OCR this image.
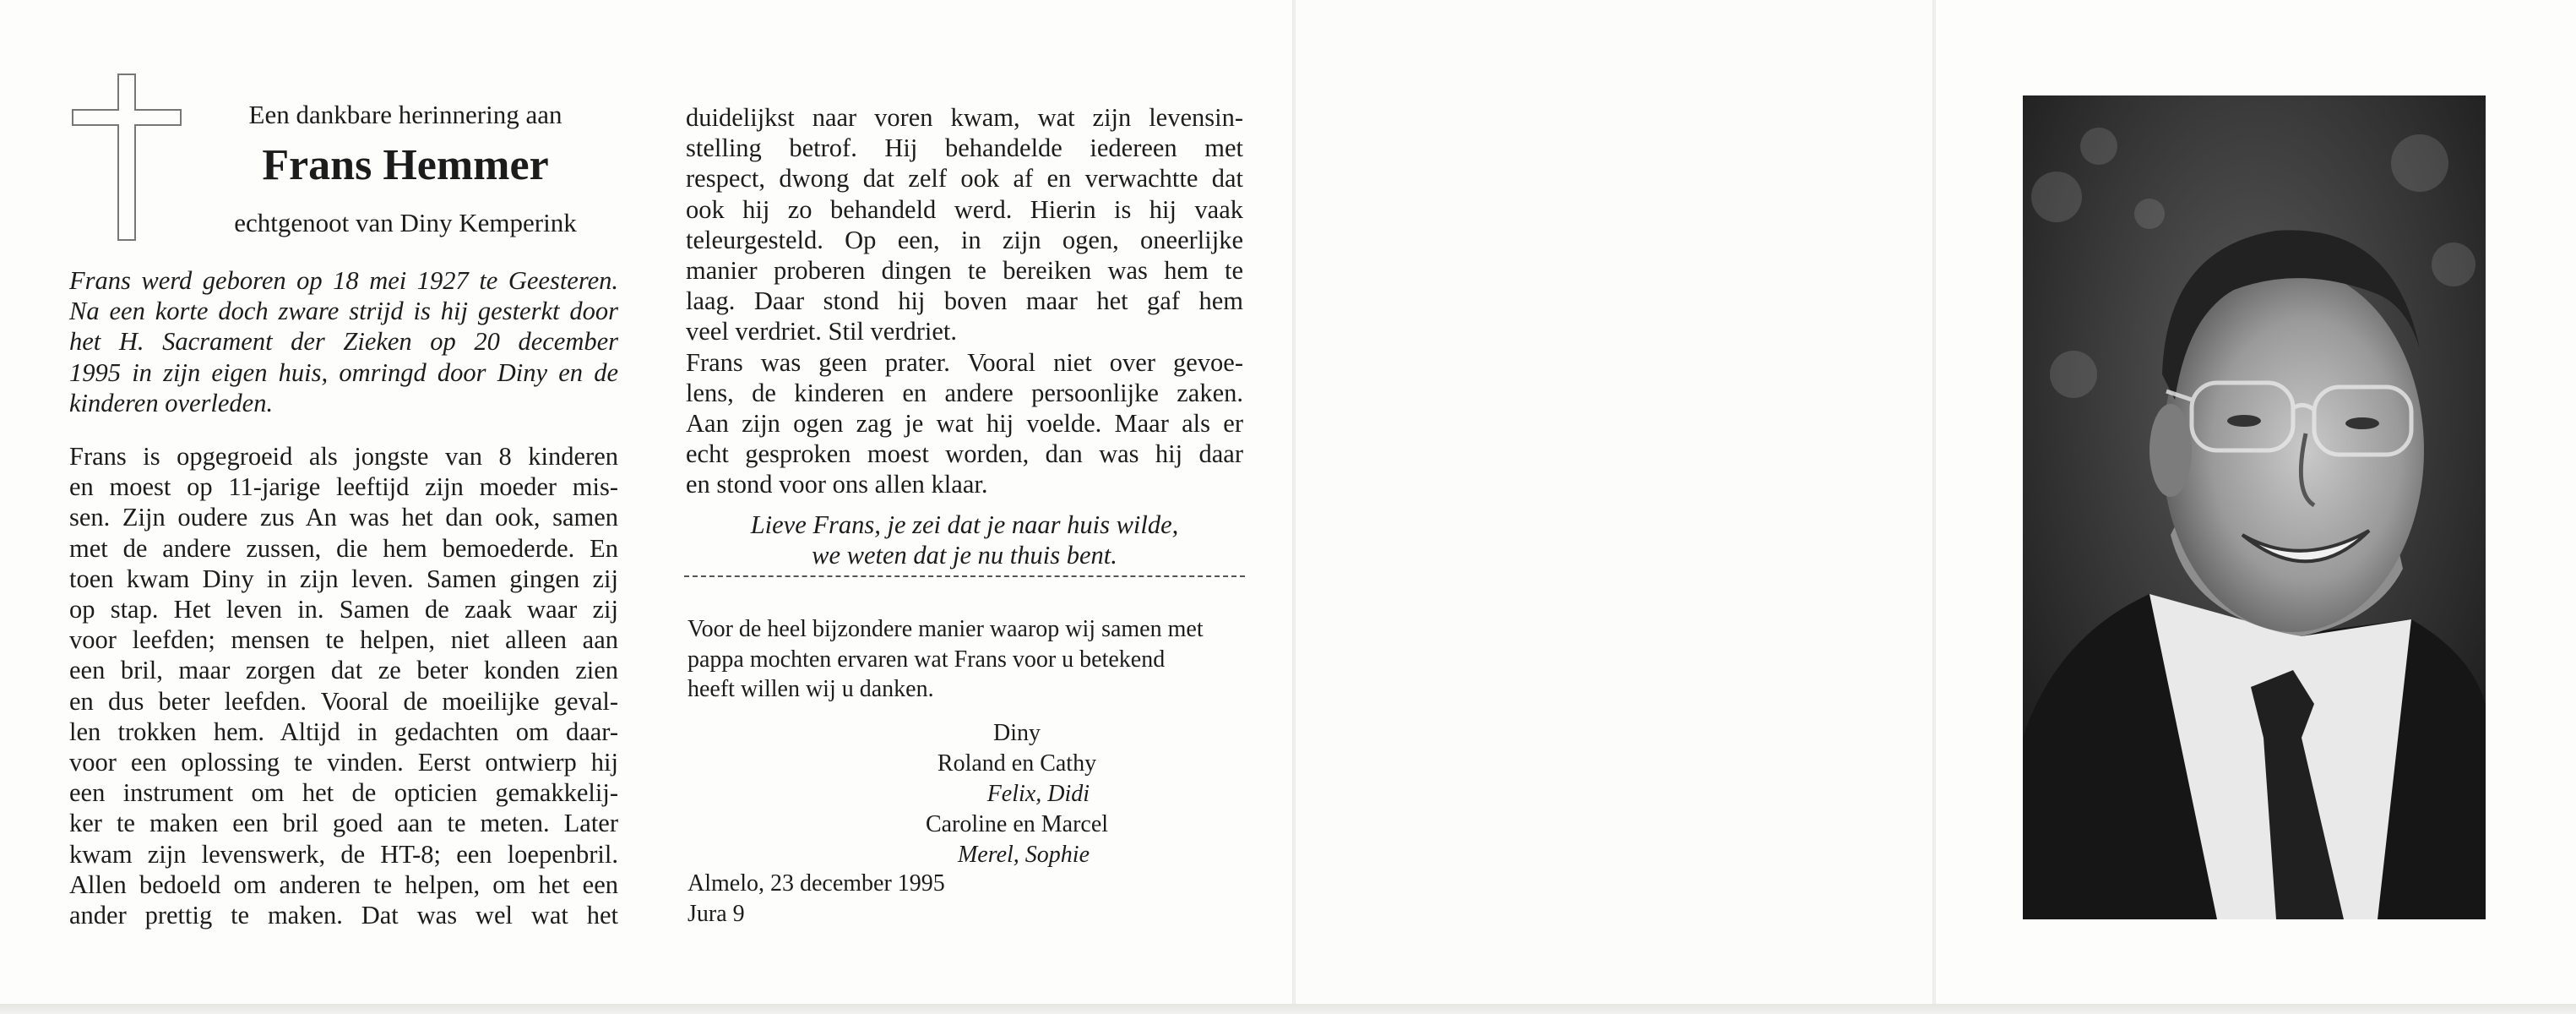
Een dankbare herinnering aan
Frans Hemmer
echtgenoot van Diny Kemperink

Frans werd geboren op 18 mei 1927 te Geesteren.

Na een korte doch zware strijd is hij gesterkt door

het H. Sacrament der Zieken op 20 december

1995 in zijn eigen huis, omringd door Diny en de

kinderen overleden.

Frans is opgegroeid als jongste van 8 kinderen

en moest op 11-jarige leeftijd zijn moeder mis-

sen. Zijn oudere zus An was het dan ook, samen

met de andere zussen, die hem bemoederde. En

toen kwam Diny in zijn leven. Samen gingen zij

op stap. Het leven in. Samen de zaak waar zij

voor leefden; mensen te helpen, niet alleen aan

een bril, maar zorgen dat ze beter konden zien

en dus beter leefden. Vooral de moeilijke geval-

len trokken hem. Altijd in gedachten om daar-

voor een oplossing te vinden. Eerst ontwierp hij

een instrument om het de opticien gemakkelij-

ker te maken een bril goed aan te meten. Later

kwam zijn levenswerk, de HT-8; een loepenbril.

Allen bedoeld om anderen te helpen, om het een

ander prettig te maken. Dat was wel wat het

duidelijkst naar voren kwam, wat zijn levensin-

stelling betrof. Hij behandelde iedereen met

respect, dwong dat zelf ook af en verwachtte dat

ook hij zo behandeld werd. Hierin is hij vaak

teleurgesteld. Op een, in zijn ogen, oneerlijke

manier proberen dingen te bereiken was hem te

laag. Daar stond hij boven maar het gaf hem

veel verdriet. Stil verdriet.

Frans was geen prater. Vooral niet over gevoe-

lens, de kinderen en andere persoonlijke zaken.

Aan zijn ogen zag je wat hij voelde. Maar als er

echt gesproken moest worden, dan was hij daar

en stond voor ons allen klaar.

Lieve Frans, je zei dat je naar huis wilde,
we weten dat je nu thuis bent.
Voor de heel bijzondere manier waarop wij samen met
pappa mochten ervaren wat Frans voor u betekend
heeft willen wij u danken.
Diny
Roland en Cathy
Felix, Didi
Caroline en Marcel
Merel, Sophie
Almelo, 23 december 1995
Jura 9
